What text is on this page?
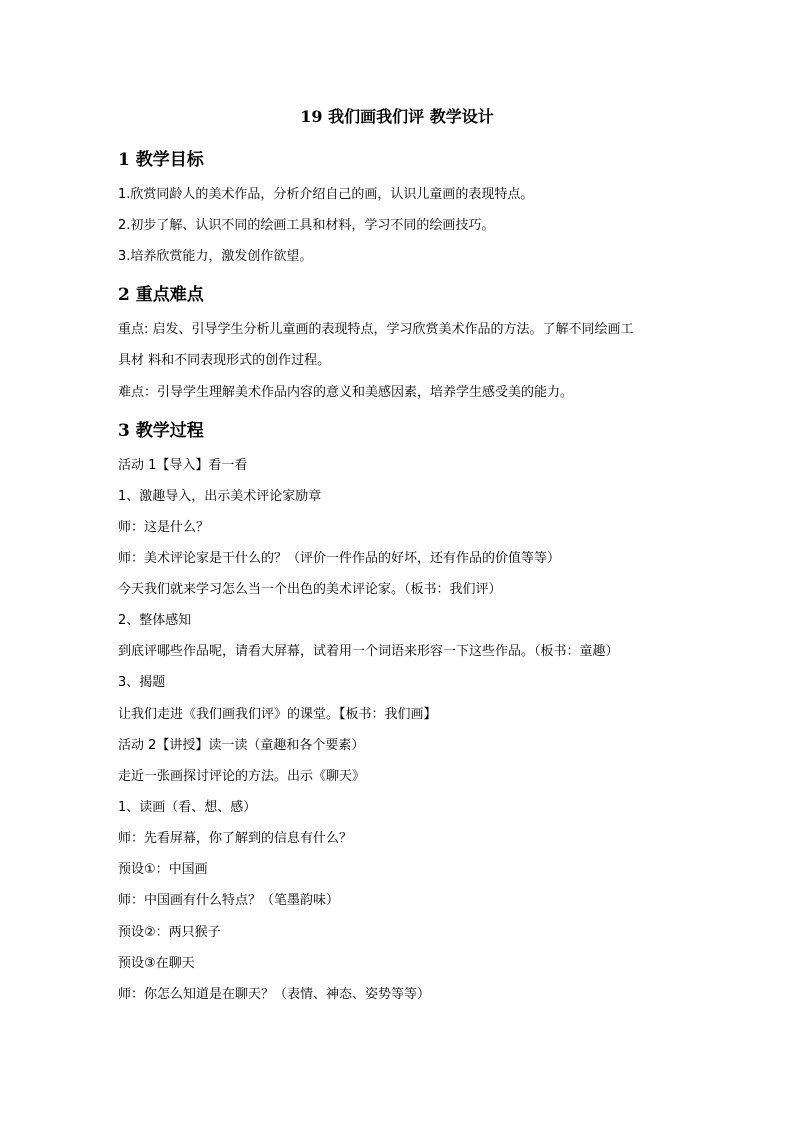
19 我们画我们评 教学设计
1 教学目标
1.欣赏同龄人的美术作品，分析介绍自己的画，认识儿童画的表现特点。
2.初步了解、认识不同的绘画工具和材料，学习不同的绘画技巧。
3.培养欣赏能力，激发创作欲望。
2 重点难点
重点: 启发、引导学生分析儿童画的表现特点，学习欣赏美术作品的方法。了解不同绘画工
具材 料和不同表现形式的创作过程。
难点：引导学生理解美术作品内容的意义和美感因素，培养学生感受美的能力。
3 教学过程
活动 1【导入】看一看
1、激趣导入，出示美术评论家励章
师：这是什么？
师：美术评论家是干什么的？（评价一件作品的好坏，还有作品的价值等等）
今天我们就来学习怎么当一个出色的美术评论家。（板书：我们评）
2、整体感知
到底评哪些作品呢，请看大屏幕，试着用一个词语来形容一下这些作品。（板书：童趣）
3、揭题
让我们走进《我们画我们评》的课堂。【板书：我们画】
活动 2【讲授】读一读（童趣和各个要素）
走近一张画探讨评论的方法。出示《聊天》
1、读画（看、想、感）
师：先看屏幕，你了解到的信息有什么？
预设①：中国画
师：中国画有什么特点？（笔墨韵味）
预设②：两只猴子
预设③在聊天
师：你怎么知道是在聊天？（表情、神态、姿势等等）
